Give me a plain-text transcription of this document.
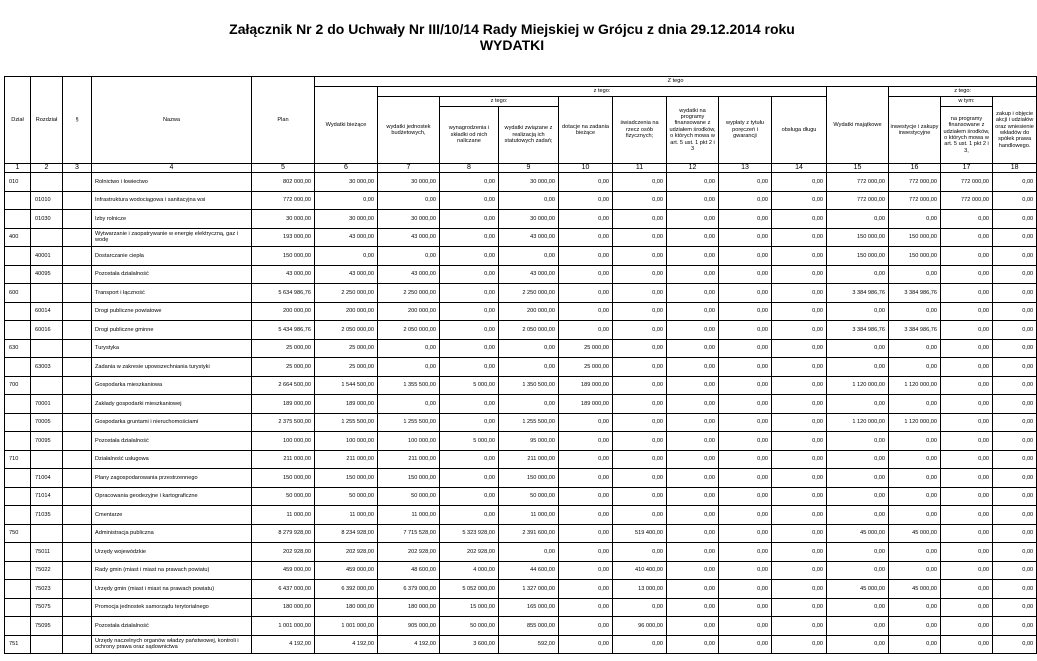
Załącznik Nr 2 do Uchwały Nr III/10/14 Rady Miejskiej w Grójcu z dnia 29.12.2014 roku
WYDATKI
Dział	Rozdział	§	Nazwa	Plan	Z tego												
					Wydatki bieżące	z tego:								Wydatki majątkowe	z tego:		
						wydatki jednostek budżetowych,	z tego:		dotacje na zadania bieżące	świadczenia na rzecz osób fizycznych;	wydatki na programy finansowane z udziałem środków, o których mowa w art. 5 ust. 1 pkt 2 i 3	wypłaty z tytułu poręczeń i gwarancji	obsługa długu		inwestycje i zakupy inwestycyjne	w tym:	zakup i objęcie akcji i udziałów oraz wniesienie wkładów do spółek prawa handlowego.
							wynagrodzenia i składki od nich naliczane	wydatki związane z realizacją ich statutowych zadań;								na programy finansowane z udziałem środków, o których mowa w art. 5 ust. 1 pkt 2 i 3,	
1	2	3	4	5	6	7	8	9	10	11	12	13	14	15	16	17	18
010			Rolnictwo i łowiectwo	802 000,00	30 000,00	30 000,00	0,00	30 000,00	0,00	0,00	0,00	0,00	0,00	772 000,00	772 000,00	772 000,00	0,00
	01010		Infrastruktura wodociągowa i sanitacyjna wsi	772 000,00	0,00	0,00	0,00	0,00	0,00	0,00	0,00	0,00	0,00	772 000,00	772 000,00	772 000,00	0,00
	01030		Izby rolnicze	30 000,00	30 000,00	30 000,00	0,00	30 000,00	0,00	0,00	0,00	0,00	0,00	0,00	0,00	0,00	0,00
400			Wytwarzanie i zaopatrywanie w energię elektryczną, gaz i wodę	193 000,00	43 000,00	43 000,00	0,00	43 000,00	0,00	0,00	0,00	0,00	0,00	150 000,00	150 000,00	0,00	0,00
	40001		Dostarczanie ciepła	150 000,00	0,00	0,00	0,00	0,00	0,00	0,00	0,00	0,00	0,00	150 000,00	150 000,00	0,00	0,00
	40095		Pozostała działalność	43 000,00	43 000,00	43 000,00	0,00	43 000,00	0,00	0,00	0,00	0,00	0,00	0,00	0,00	0,00	0,00
600			Transport i łączność	5 634 986,76	2 250 000,00	2 250 000,00	0,00	2 250 000,00	0,00	0,00	0,00	0,00	0,00	3 384 986,76	3 384 986,76	0,00	0,00
	60014		Drogi publiczne powiatowe	200 000,00	200 000,00	200 000,00	0,00	200 000,00	0,00	0,00	0,00	0,00	0,00	0,00	0,00	0,00	0,00
	60016		Drogi publiczne gminne	5 434 986,76	2 050 000,00	2 050 000,00	0,00	2 050 000,00	0,00	0,00	0,00	0,00	0,00	3 384 986,76	3 384 986,76	0,00	0,00
630			Turystyka	25 000,00	25 000,00	0,00	0,00	0,00	25 000,00	0,00	0,00	0,00	0,00	0,00	0,00	0,00	0,00
	63003		Zadania w zakresie upowszechniania turystyki	25 000,00	25 000,00	0,00	0,00	0,00	25 000,00	0,00	0,00	0,00	0,00	0,00	0,00	0,00	0,00
700			Gospodarka mieszkaniowa	2 664 500,00	1 544 500,00	1 355 500,00	5 000,00	1 350 500,00	189 000,00	0,00	0,00	0,00	0,00	1 120 000,00	1 120 000,00	0,00	0,00
	70001		Zakłady gospodarki mieszkaniowej	189 000,00	189 000,00	0,00	0,00	0,00	189 000,00	0,00	0,00	0,00	0,00	0,00	0,00	0,00	0,00
	70005		Gospodarka gruntami i nieruchomościami	2 375 500,00	1 255 500,00	1 255 500,00	0,00	1 255 500,00	0,00	0,00	0,00	0,00	0,00	1 120 000,00	1 120 000,00	0,00	0,00
	70095		Pozostała działalność	100 000,00	100 000,00	100 000,00	5 000,00	95 000,00	0,00	0,00	0,00	0,00	0,00	0,00	0,00	0,00	0,00
710			Działalność usługowa	211 000,00	211 000,00	211 000,00	0,00	211 000,00	0,00	0,00	0,00	0,00	0,00	0,00	0,00	0,00	0,00
	71004		Plany zagospodarowania przestrzennego	150 000,00	150 000,00	150 000,00	0,00	150 000,00	0,00	0,00	0,00	0,00	0,00	0,00	0,00	0,00	0,00
	71014		Opracowania geodezyjne i kartograficzne	50 000,00	50 000,00	50 000,00	0,00	50 000,00	0,00	0,00	0,00	0,00	0,00	0,00	0,00	0,00	0,00
	71035		Cmentarze	11 000,00	11 000,00	11 000,00	0,00	11 000,00	0,00	0,00	0,00	0,00	0,00	0,00	0,00	0,00	0,00
750			Administracja publiczna	8 279 928,00	8 234 928,00	7 715 528,00	5 323 928,00	2 391 600,00	0,00	519 400,00	0,00	0,00	0,00	45 000,00	45 000,00	0,00	0,00
	75011		Urzędy wojewódzkie	202 928,00	202 928,00	202 928,00	202 928,00	0,00	0,00	0,00	0,00	0,00	0,00	0,00	0,00	0,00	0,00
	75022		Rady gmin (miast i miast na prawach powiatu)	459 000,00	459 000,00	48 600,00	4 000,00	44 600,00	0,00	410 400,00	0,00	0,00	0,00	0,00	0,00	0,00	0,00
	75023		Urzędy gmin (miast i miast na prawach powiatu)	6 437 000,00	6 392 000,00	6 379 000,00	5 052 000,00	1 327 000,00	0,00	13 000,00	0,00	0,00	0,00	45 000,00	45 000,00	0,00	0,00
	75075		Promocja jednostek samorządu terytorialnego	180 000,00	180 000,00	180 000,00	15 000,00	165 000,00	0,00	0,00	0,00	0,00	0,00	0,00	0,00	0,00	0,00
	75095		Pozostała działalność	1 001 000,00	1 001 000,00	905 000,00	50 000,00	855 000,00	0,00	96 000,00	0,00	0,00	0,00	0,00	0,00	0,00	0,00
751			Urzędy naczelnych organów władzy państwowej, kontroli i ochrony prawa oraz sądownictwa	4 192,00	4 192,00	4 192,00	3 600,00	592,00	0,00	0,00	0,00	0,00	0,00	0,00	0,00	0,00	0,00
